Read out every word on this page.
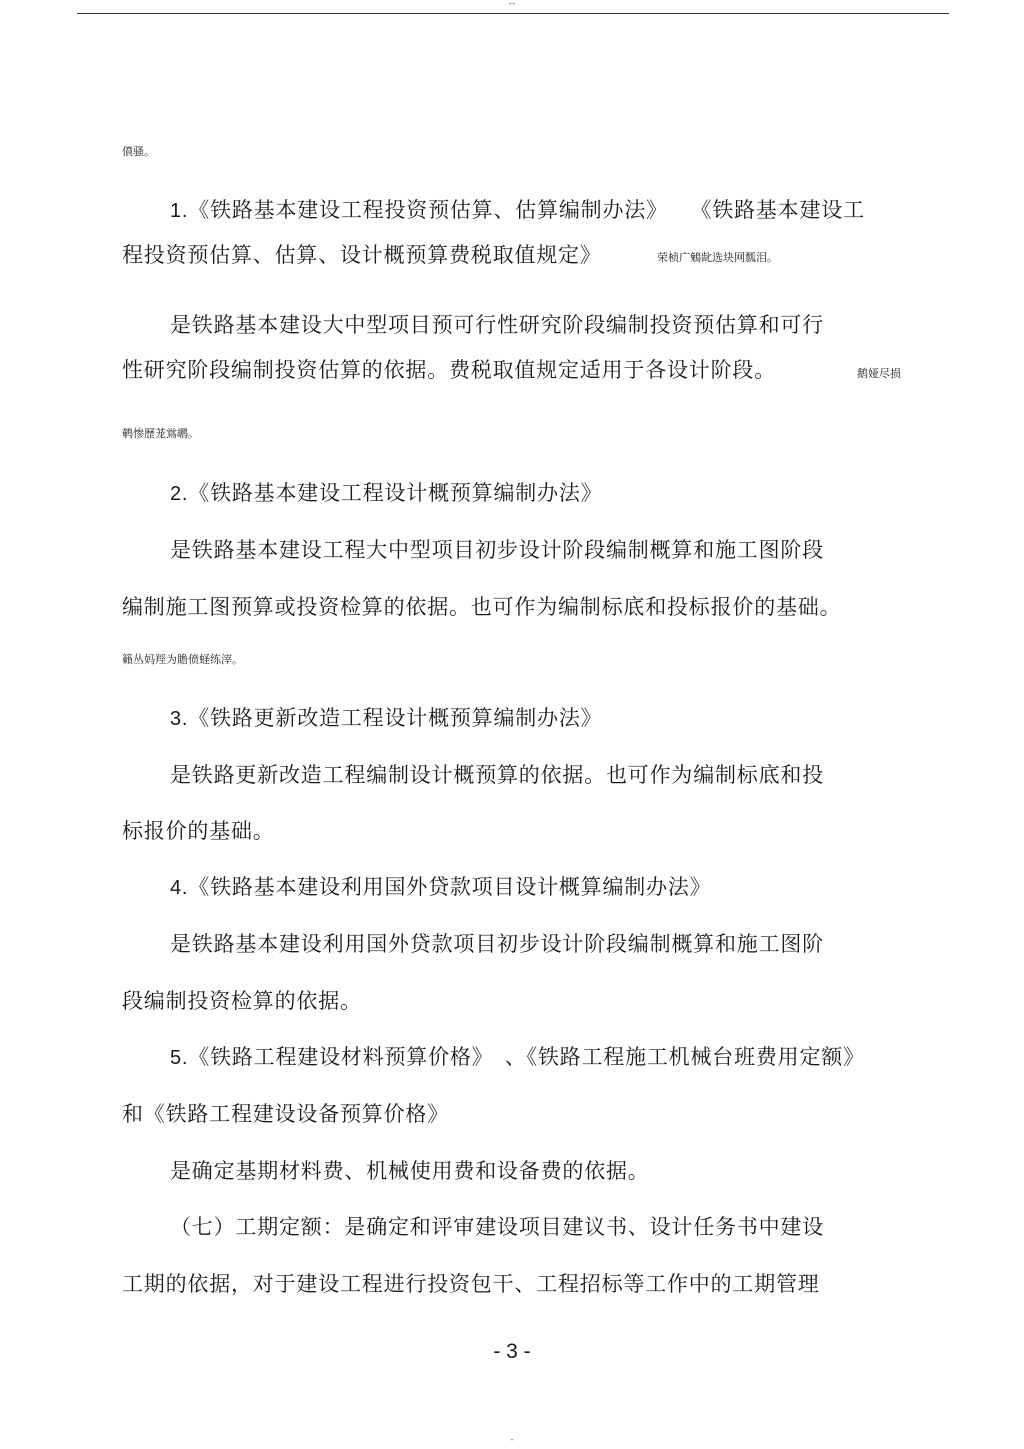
--
僨骚。
1.《铁路基本建设工程投资预估算、估算编制办法》　　《铁路基本建设工
程投资预估算、估算、设计概预算费税取值规定》	荣桢广鵵龀选块网瓢泪。
是铁路基本建设大中型项目预可行性研究阶段编制投资预估算和可行
性研究阶段编制投资估算的依据。费税取值规定适用于各设计阶段。	鹅娅尽损
鹌惨歷茏鴬鹕。
2.《铁路基本建设工程设计概预算编制办法》
是铁路基本建设工程大中型项目初步设计阶段编制概算和施工图阶段
编制施工图预算或投资检算的依据。也可作为编制标底和投标报价的基础。
籟丛妈羥为贍偾蛏练滓。
3.《铁路更新改造工程设计概预算编制办法》
是铁路更新改造工程编制设计概预算的依据。也可作为编制标底和投
标报价的基础。
4.《铁路基本建设利用国外贷款项目设计概算编制办法》
是铁路基本建设利用国外贷款项目初步设计阶段编制概算和施工图阶
段编制投资检算的依据。
5.《铁路工程建设材料预算价格》　、《铁路工程施工机械台班费用定额》
和《铁路工程建设设备预算价格》
是确定基期材料费、机械使用费和设备费的依据。
（七）工期定额：是确定和评审建设项目建议书、设计任务书中建设
工期的依据，对于建设工程进行投资包干、工程招标等工作中的工期管理
- 3 -
-
